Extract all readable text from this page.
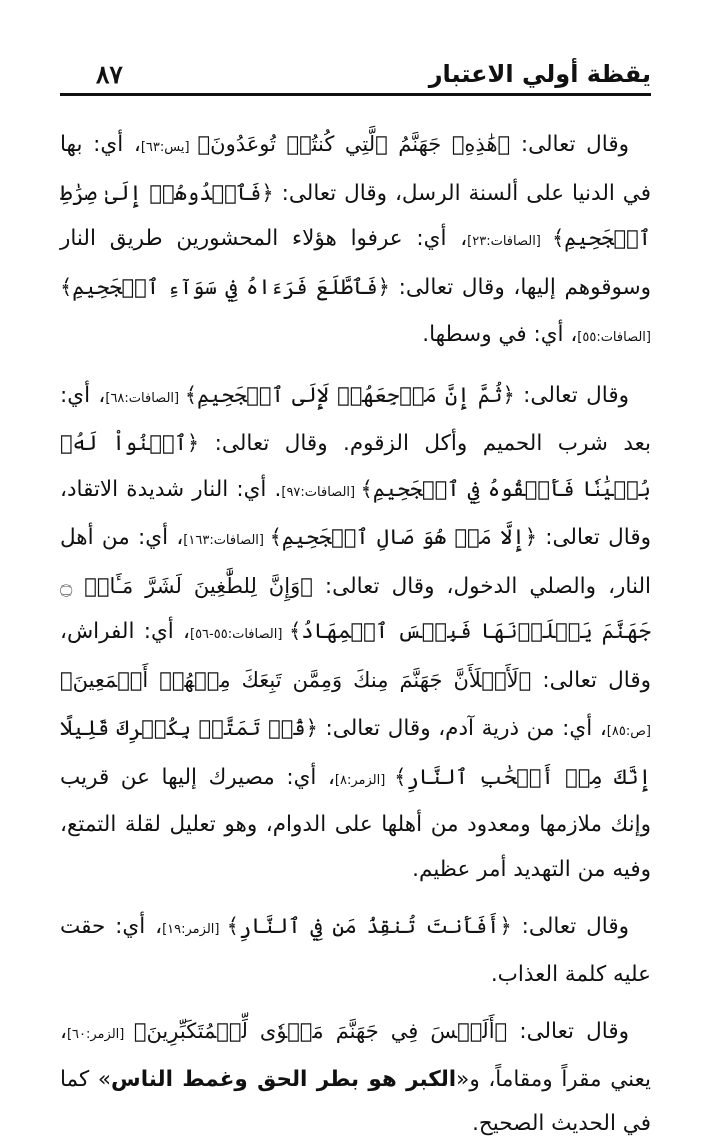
٨٧	يقظة أولي الاعتبار

وقال تعالى: ﴿هَٰذِهِۦ جَهَنَّمُ ٱلَّتِي كُنتُمۡ تُوعَدُونَ﴾ [يس:٦٣]، أي: بها في الدنيا على ألسنة الرسل، وقال تعالى: ﴿فَٱهۡدُوهُمۡ إِلَىٰ صِرَٰطِ ٱلۡجَحِيمِ﴾ [الصافات:٢٣]، أي: عرفوا هؤلاء المحشورين طريق النار وسوقوهم إليها، وقال تعالى: ﴿فَٱطَّلَعَ فَرَءَاهُ فِي سَوَآءِ ٱلۡجَحِيمِ﴾ [الصافات:٥٥]، أي: في وسطها.

وقال تعالى: ﴿ثُمَّ إِنَّ مَرۡجِعَهُمۡ لَإِلَى ٱلۡجَحِيمِ﴾ [الصافات:٦٨]، أي: بعد شرب الحميم وأكل الزقوم. وقال تعالى: ﴿ٱبۡنُواْ لَهُۥ بُنۡيَٰنٗا فَأَلۡقُوهُ فِي ٱلۡجَحِيمِ﴾ [الصافات:٩٧]. أي: النار شديدة الاتقاد، وقال تعالى: ﴿إِلَّا مَنۡ هُوَ صَالِ ٱلۡجَحِيمِ﴾ [الصافات:١٦٣]، أي: من أهل النار، والصلي الدخول، وقال تعالى: ﴿وَإِنَّ لِلطَّٰغِينَ لَشَرَّ مَـَٔابٖ ۝ جَهَنَّمَ يَصۡلَوۡنَهَا فَبِئۡسَ ٱلۡمِهَادُ﴾ [الصافات:٥٥-٥٦]، أي: الفراش، وقال تعالى: ﴿لَأَمۡلَأَنَّ جَهَنَّمَ مِنكَ وَمِمَّن تَبِعَكَ مِنۡهُمۡ أَجۡمَعِينَ﴾ [ص:٨٥]، أي: من ذرية آدم، وقال تعالى: ﴿قُلۡ تَمَتَّعۡ بِكُفۡرِكَ قَلِيلًا إِنَّكَ مِنۡ أَصۡحَٰبِ ٱلنَّارِ﴾ [الزمر:٨]، أي: مصيرك إليها عن قريب وإنك ملازمها ومعدود من أهلها على الدوام، وهو تعليل لقلة التمتع، وفيه من التهديد أمر عظيم.

وقال تعالى: ﴿أَفَأَنتَ تُنقِذُ مَن فِي ٱلنَّارِ﴾ [الزمر:١٩]، أي: حقت عليه كلمة العذاب.

وقال تعالى: ﴿أَلَيۡسَ فِي جَهَنَّمَ مَثۡوٗى لِّلۡمُتَكَبِّرِينَ﴾ [الزمر:٦٠]، يعني مقراً ومقاماً، و«الكبر هو بطر الحق وغمط الناس» كما في الحديث الصحيح.
